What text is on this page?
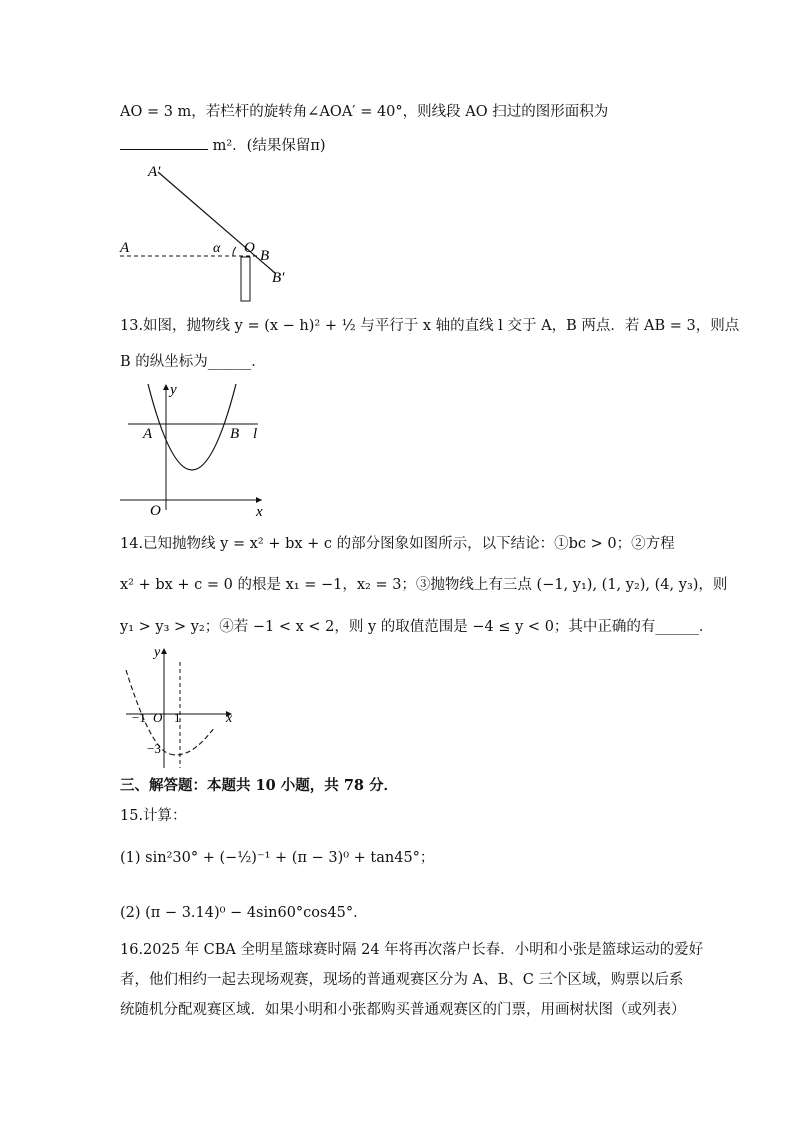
AO = 3 m，若栏杆的旋转角∠AOA′ = 40°，则线段 AO 扫过的图形面积为
m²．(结果保留π)
A′
A	α O B
B′
13.如图，抛物线 y = (x − h)² + ½ 与平行于 x 轴的直线 l 交于 A，B 两点．若 AB = 3，则点
B 的纵坐标为______．
y
A	B l
O	x
14.已知抛物线 y = x² + bx + c 的部分图象如图所示，以下结论：①bc > 0；②方程
x² + bx + c = 0 的根是 x₁ = −1，x₂ = 3；③抛物线上有三点 (−1, y₁), (1, y₂), (4, y₃)，则
y₁ > y₃ > y₂；④若 −1 < x < 2，则 y 的取值范围是 −4 ≤ y < 0；其中正确的有______．
y
−1 O 1	x
−3
三、解答题：本题共 10 小题，共 78 分．
15.计算：
(1) sin²30° + (−½)⁻¹ + (π − 3)⁰ + tan45°；
(2) (π − 3.14)⁰ − 4sin60°cos45°．
16.2025 年 CBA 全明星篮球赛时隔 24 年将再次落户长春．小明和小张是篮球运动的爱好
者，他们相约一起去现场观赛，现场的普通观赛区分为 A、B、C 三个区域，购票以后系
统随机分配观赛区域．如果小明和小张都购买普通观赛区的门票，用画树状图（或列表）
